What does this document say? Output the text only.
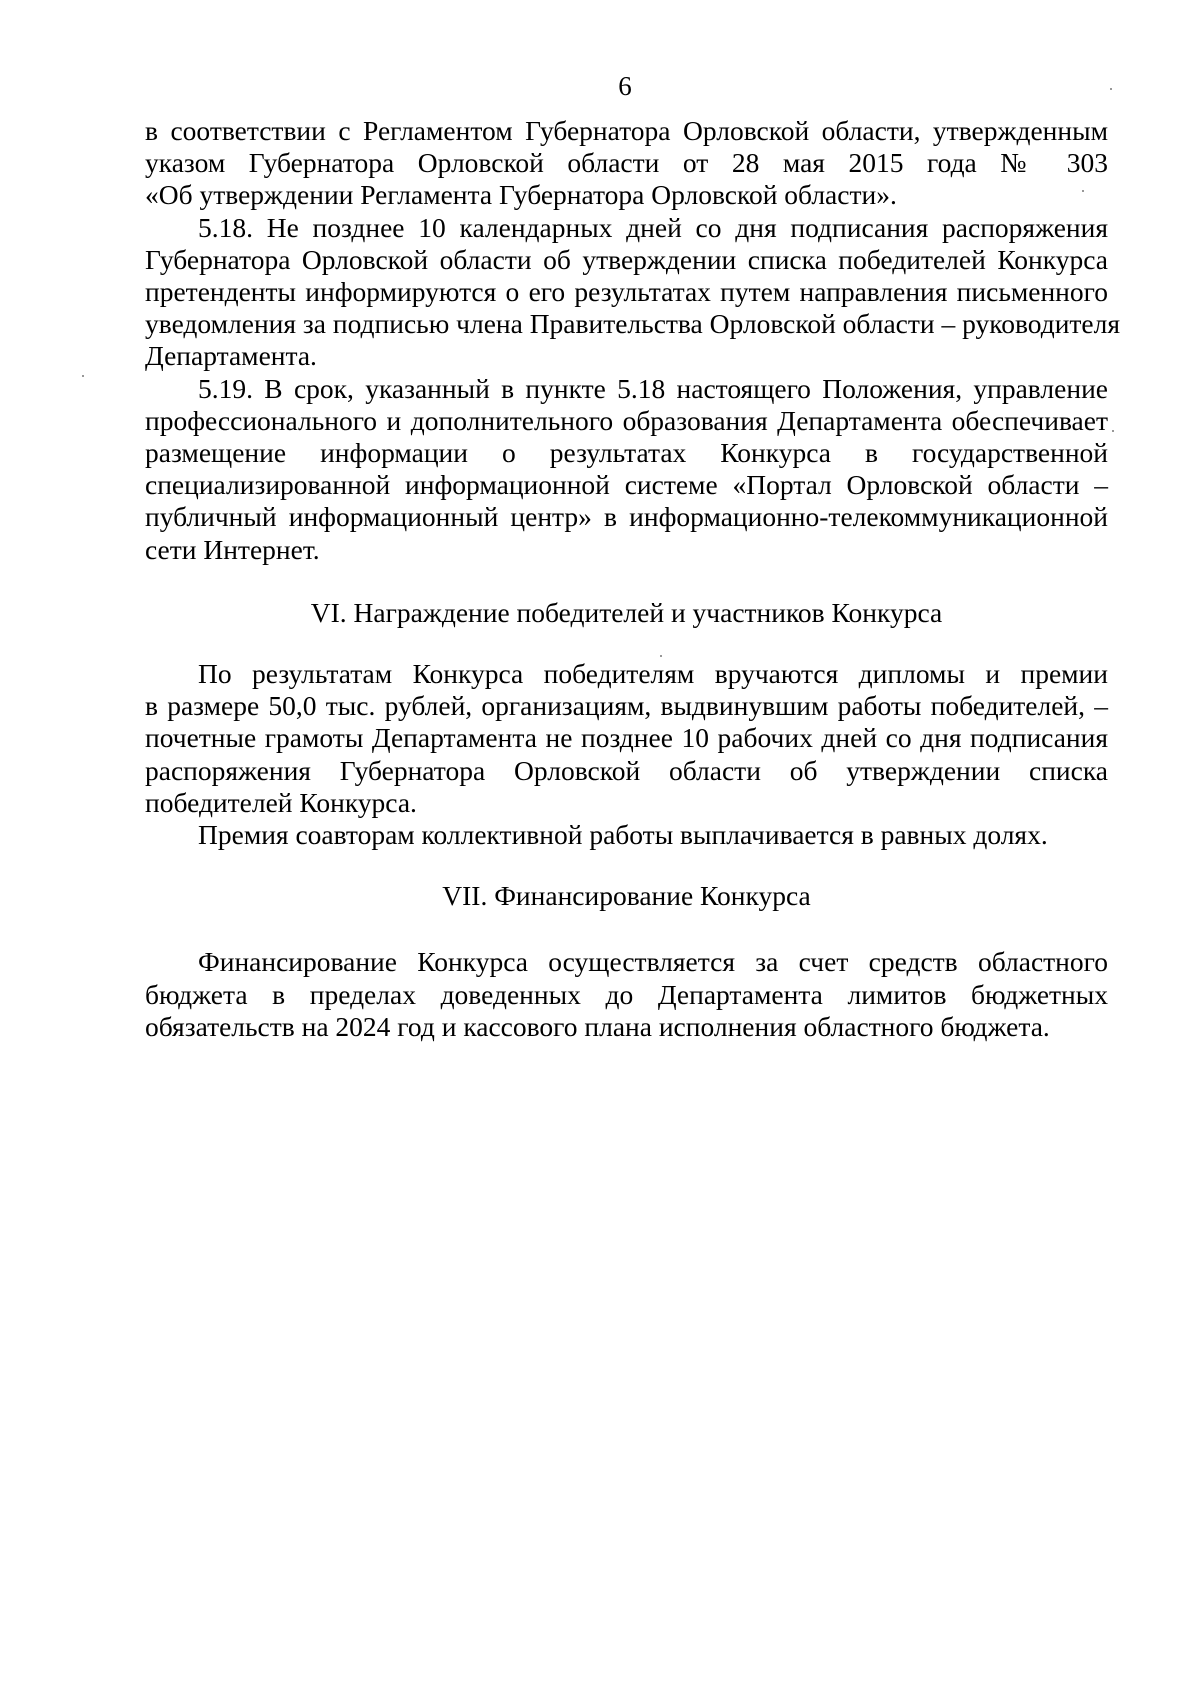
6
в соответствии с Регламентом Губернатора Орловской области, утвержденным
указом Губернатора Орловской области от 28 мая 2015 года № 303
«Об утверждении Регламента Губернатора Орловской области».
5.18. Не позднее 10 календарных дней со дня подписания распоряжения
Губернатора Орловской области об утверждении списка победителей Конкурса
претенденты информируются о его результатах путем направления письменного
уведомления за подписью члена Правительства Орловской области – руководителя
Департамента.
5.19. В срок, указанный в пункте 5.18 настоящего Положения, управление
профессионального и дополнительного образования Департамента обеспечивает
размещение информации о результатах Конкурса в государственной
специализированной информационной системе «Портал Орловской области –
публичный информационный центр» в информационно-телекоммуникационной
сети Интернет.
VI. Награждение победителей и участников Конкурса
По результатам Конкурса победителям вручаются дипломы и премии
в размере 50,0 тыс. рублей, организациям, выдвинувшим работы победителей, –
почетные грамоты Департамента не позднее 10 рабочих дней со дня подписания
распоряжения Губернатора Орловской области об утверждении списка
победителей Конкурса.
Премия соавторам коллективной работы выплачивается в равных долях.
VII. Финансирование Конкурса
Финансирование Конкурса осуществляется за счет средств областного
бюджета в пределах доведенных до Департамента лимитов бюджетных
обязательств на 2024 год и кассового плана исполнения областного бюджета.
